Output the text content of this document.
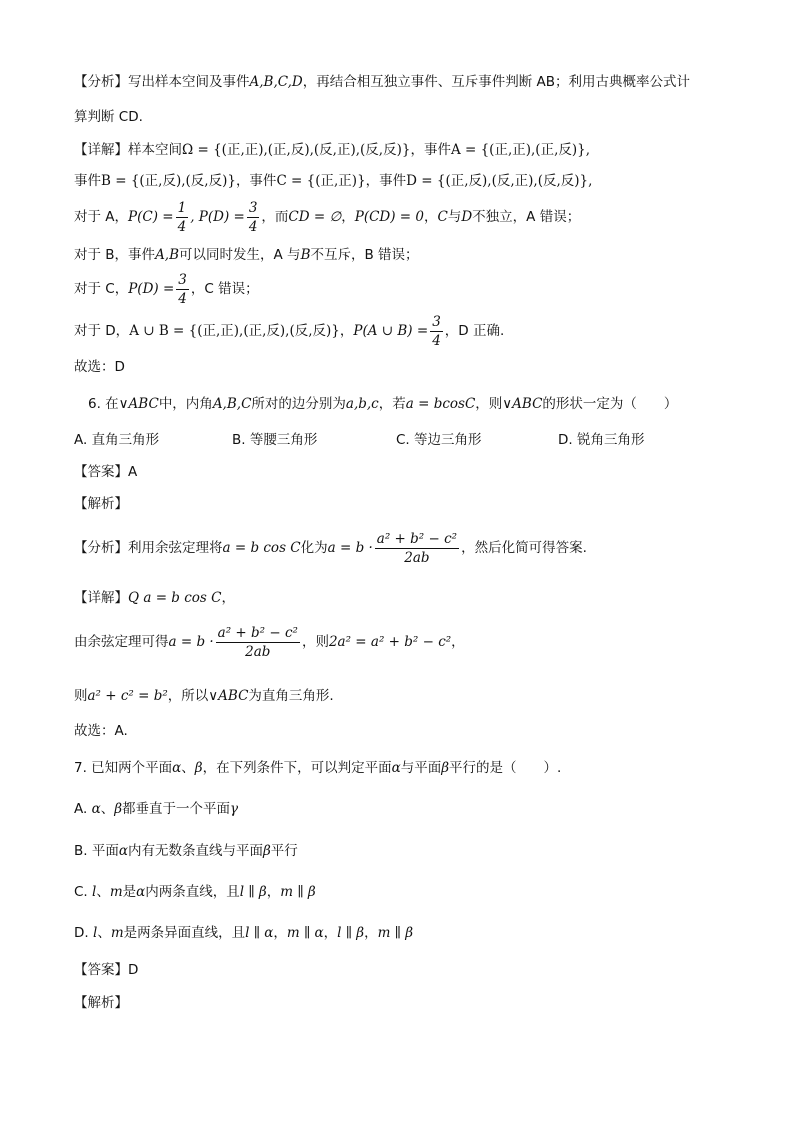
【分析】写出样本空间及事件A,B,C,D，再结合相互独立事件、互斥事件判断 AB；利用古典概率公式计
算判断 CD.
【详解】样本空间Ω = {(正,正),(正,反),(反,正),(反,反)}，事件A = {(正,正),(正,反)},
事件B = {(正,反),(反,反)}，事件C = {(正,正)}，事件D = {(正,反),(反,正),(反,反)},
对于 A，$P(C) = \frac{1}{4}$ , $P(D) = \frac{3}{4}$ ，而CD = ∅，P(CD) = 0，C与D不独立，A 错误；
对于 B，事件A,B可以同时发生，A 与B不互斥，B 错误；
对于 C，$P(D) = \frac{3}{4}$ ，C 错误；
对于 D，A ∪ B = {(正,正),(正,反),(反,反)}，P(A ∪ $B) = \frac{3}{4}$ ，D 正确.
故选：D
6. 在∨ABC中，内角A,B,C所对的边分别为a,b,c，若a = bcosC，则∨ABC的形状一定为（　　）
A. 直角三角形	B. 等腰三角形	C. 等边三角形	D. 锐角三角形
【答案】A
【解析】
【分析】利用余弦定理将a = b cos C化为$a = b \cdot \frac{\text{a² + b² − c²}}{2ab}$ ，然后化简可得答案.
【详解】Q a = b cos C，
由余弦定理可得$a = b \cdot \frac{\text{a² + b² − c²}}{2ab}$ ，则2a² = a² + b² − c²，
则a² + c² = b²，所以∨ABC为直角三角形.
故选：A.
7. 已知两个平面α、β，在下列条件下，可以判定平面α与平面β平行的是（　　）.
A. α、β都垂直于一个平面γ
B. 平面α内有无数条直线与平面β平行
C. l、m是α内两条直线，且l ∥ β，m ∥ β
D. l、m是两条异面直线，且l ∥ α，m ∥ α，l ∥ β，m ∥ β
【答案】D
【解析】
